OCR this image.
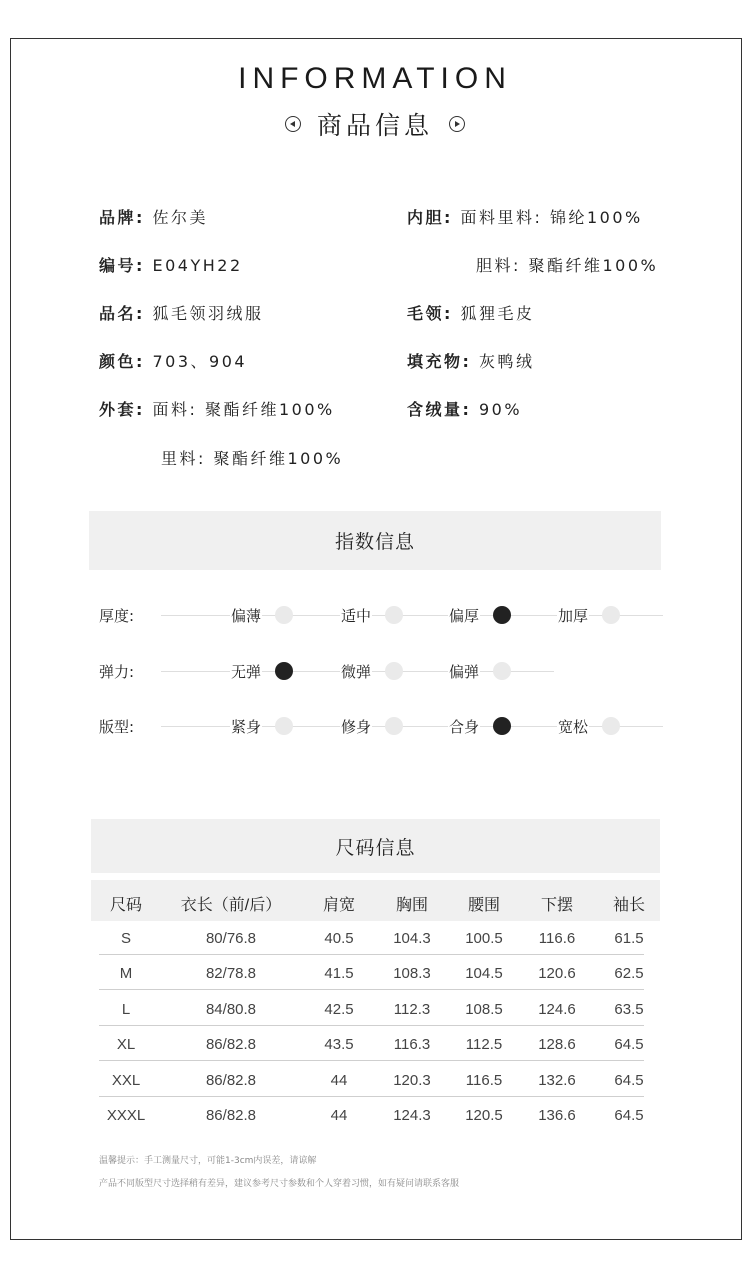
INFORMATION
商品信息
品牌: 佐尔美
编号: E04YH22
品名: 狐毛领羽绒服
颜色: 703、904
外套: 面料: 聚酯纤维100%
里料: 聚酯纤维100%
内胆: 面料里料: 锦纶100%
胆料: 聚酯纤维100%
毛领: 狐狸毛皮
填充物: 灰鸭绒
含绒量: 90%
指数信息
厚度:	偏薄	适中	偏厚	加厚
弹力:	无弹	微弹	偏弹
版型:	紧身	修身	合身	宽松
尺码信息
尺码	衣长（前/后）	肩宽	胸围	腰围	下摆	袖长
S	80/76.8	40.5	104.3	100.5	116.6	61.5
M	82/78.8	41.5	108.3	104.5	120.6	62.5
L	84/80.8	42.5	112.3	108.5	124.6	63.5
XL	86/82.8	43.5	116.3	112.5	128.6	64.5
XXL	86/82.8	44	120.3	116.5	132.6	64.5
XXXL	86/82.8	44	124.3	120.5	136.6	64.5
温馨提示：手工测量尺寸，可能1-3cm内误差，请谅解
产品不同版型尺寸选择稍有差异，建议参考尺寸参数和个人穿着习惯，如有疑问请联系客服
